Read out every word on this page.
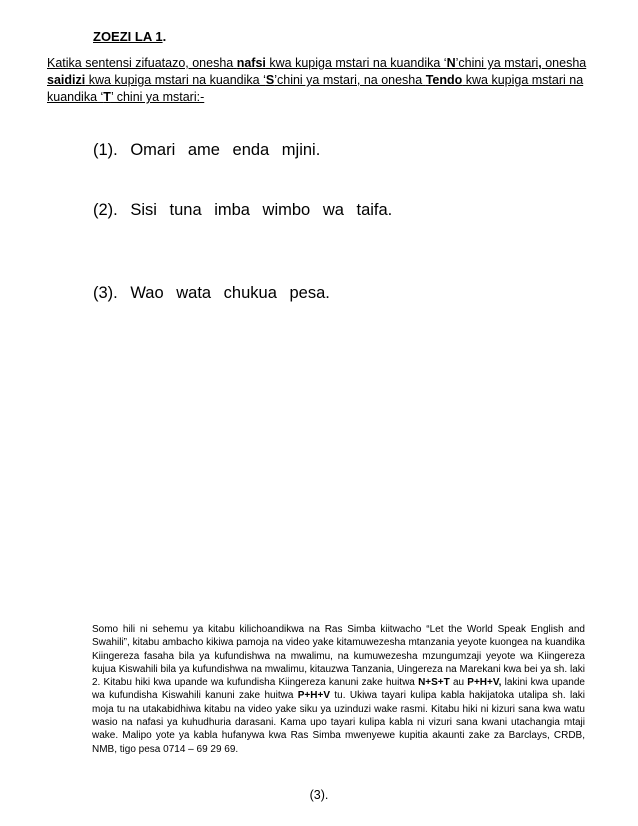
ZOEZI LA 1.
Katika sentensi zifuatazo, onesha nafsi kwa kupiga mstari na kuandika ‘N’chini ya mstari, onesha saidizi kwa kupiga mstari na kuandika ‘S’chini ya mstari, na onesha Tendo kwa kupiga mstari na kuandika ‘T’ chini ya mstari:-
(1). Omari ame enda mjini.
(2). Sisi tuna imba wimbo wa taifa.
(3). Wao wata chukua pesa.
Somo hili ni sehemu ya kitabu kilichoandikwa na Ras Simba kiitwacho “Let the World Speak English and Swahili”, kitabu ambacho kikiwa pamoja na video yake kitamuwezesha mtanzania yeyote kuongea na kuandika Kiingereza fasaha bila ya kufundishwa na mwalimu, na kumuwezesha mzungumzaji yeyote wa Kiingereza kujua Kiswahili bila ya kufundishwa na mwalimu, kitauzwa Tanzania, Uingereza na Marekani kwa bei ya sh. laki 2. Kitabu hiki kwa upande wa kufundisha Kiingereza kanuni zake huitwa N+S+T au P+H+V, lakini kwa upande wa kufundisha Kiswahili kanuni zake huitwa P+H+V tu. Ukiwa tayari kulipa kabla hakijatoka utalipa sh. laki moja tu na utakabidhiwa kitabu na video yake siku ya uzinduzi wake rasmi. Kitabu hiki ni kizuri sana kwa watu wasio na nafasi ya kuhudhuria darasani. Kama upo tayari kulipa kabla ni vizuri sana kwani utachangia mtaji wake. Malipo yote ya kabla hufanywa kwa Ras Simba mwenyewe kupitia akaunti zake za Barclays, CRDB, NMB, tigo pesa 0714 – 69 29 69.
(3).
